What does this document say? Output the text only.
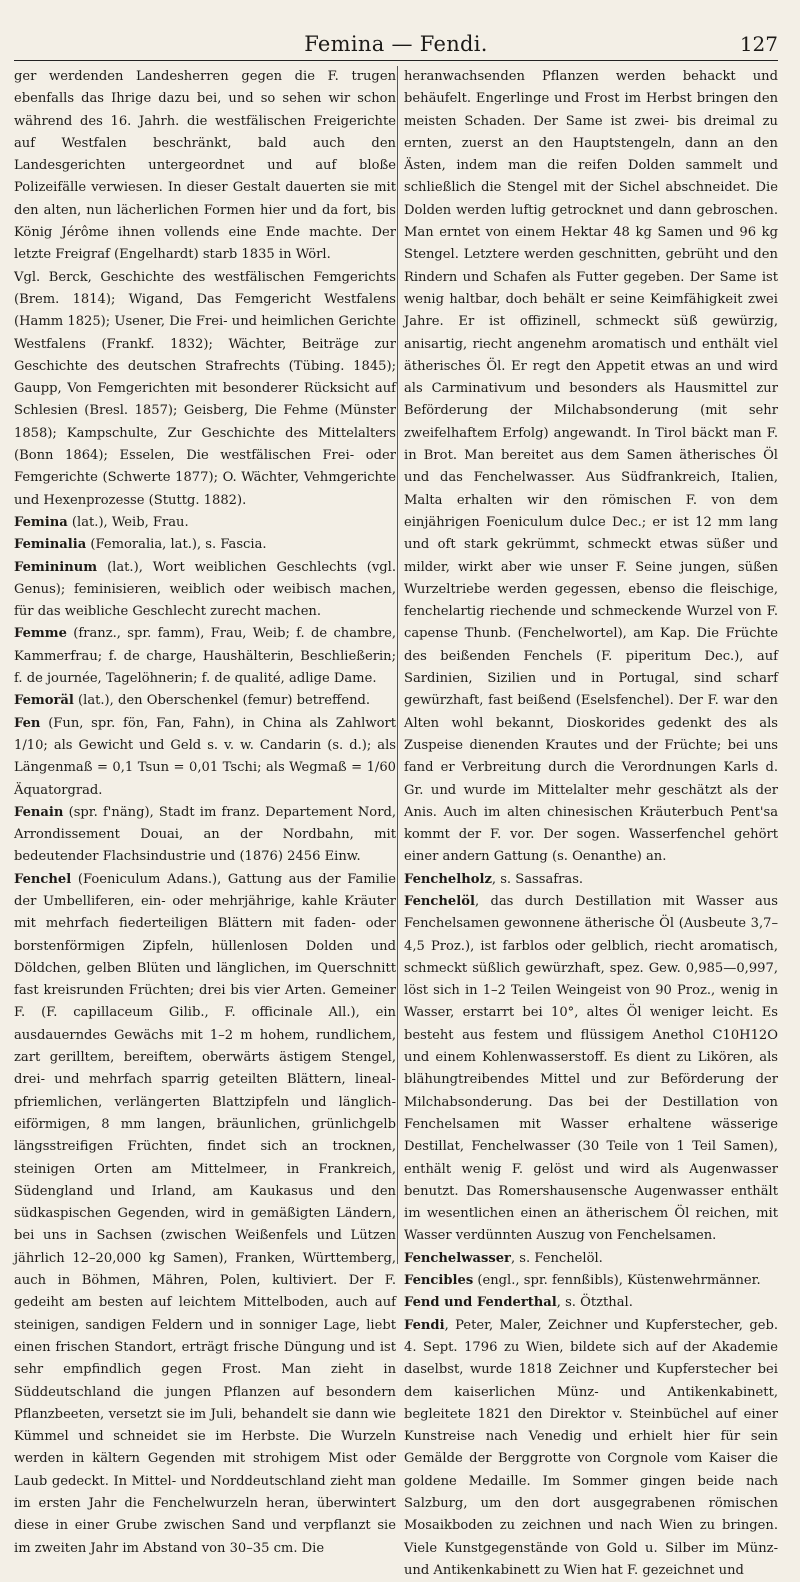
Femina — Fendi.	127

ger werdenden Landesherren gegen die F. trugen ebenfalls das Ihrige dazu bei, und so sehen wir schon während des 16. Jahrh. die westfälischen Freigerichte auf Westfalen beschränkt, bald auch den Landesgerichten untergeordnet und auf bloße Polizeifälle verwiesen. In dieser Gestalt dauerten sie mit den alten, nun lächerlichen Formen hier und da fort, bis König Jérôme ihnen vollends eine Ende machte. Der letzte Freigraf (Engelhardt) starb 1835 in Wörl.

Vgl. Berck, Geschichte des westfälischen Femgerichts (Brem. 1814); Wigand, Das Femgericht Westfalens (Hamm 1825); Usener, Die Frei- und heimlichen Gerichte Westfalens (Frankf. 1832); Wächter, Beiträge zur Geschichte des deutschen Strafrechts (Tübing. 1845); Gaupp, Von Femgerichten mit besonderer Rücksicht auf Schlesien (Bresl. 1857); Geisberg, Die Fehme (Münster 1858); Kampschulte, Zur Geschichte des Mittelalters (Bonn 1864); Esselen, Die westfälischen Frei- oder Femgerichte (Schwerte 1877); O. Wächter, Vehmgerichte und Hexenprozesse (Stuttg. 1882).

Femina (lat.), Weib, Frau.

Feminalia (Femoralia, lat.), s. Fascia.

Femininum (lat.), Wort weiblichen Geschlechts (vgl. Genus); feminisieren, weiblich oder weibisch machen, für das weibliche Geschlecht zurecht machen.

Femme (franz., spr. famm), Frau, Weib; f. de chambre, Kammerfrau; f. de charge, Haushälterin, Beschließerin; f. de journée, Tagelöhnerin; f. de qualité, adlige Dame.

Femoräl (lat.), den Oberschenkel (femur) betreffend.

Fen (Fun, spr. fön, Fan, Fahn), in China als Zahlwort 1/10; als Gewicht und Geld s. v. w. Candarin (s. d.); als Längenmaß = 0,1 Tsun = 0,01 Tschi; als Wegmaß = 1/60 Äquatorgrad.

Fenain (spr. f'näng), Stadt im franz. Departement Nord, Arrondissement Douai, an der Nordbahn, mit bedeutender Flachsindustrie und (1876) 2456 Einw.

Fenchel (Foeniculum Adans.), Gattung aus der Familie der Umbelliferen, ein- oder mehrjährige, kahle Kräuter mit mehrfach fiederteiligen Blättern mit faden- oder borstenförmigen Zipfeln, hüllenlosen Dolden und Döldchen, gelben Blüten und länglichen, im Querschnitt fast kreisrunden Früchten; drei bis vier Arten. Gemeiner F. (F. capillaceum Gilib., F. officinale All.), ein ausdauerndes Gewächs mit 1–2 m hohem, rundlichem, zart gerilltem, bereiftem, oberwärts ästigem Stengel, drei- und mehrfach sparrig geteilten Blättern, lineal-pfriemlichen, verlängerten Blattzipfeln und länglich-eiförmigen, 8 mm langen, bräunlichen, grünlichgelb längsstreifigen Früchten, findet sich an trocknen, steinigen Orten am Mittelmeer, in Frankreich, Südengland und Irland, am Kaukasus und den südkaspischen Gegenden, wird in gemäßigten Ländern, bei uns in Sachsen (zwischen Weißenfels und Lützen jährlich 12–20,000 kg Samen), Franken, Württemberg, auch in Böhmen, Mähren, Polen, kultiviert. Der F. gedeiht am besten auf leichtem Mittelboden, auch auf steinigen, sandigen Feldern und in sonniger Lage, liebt einen frischen Standort, erträgt frische Düngung und ist sehr empfindlich gegen Frost. Man zieht in Süddeutschland die jungen Pflanzen auf besondern Pflanzbeeten, versetzt sie im Juli, behandelt sie dann wie Kümmel und schneidet sie im Herbste. Die Wurzeln werden in kältern Gegenden mit strohigem Mist oder Laub gedeckt. In Mittel- und Norddeutschland zieht man im ersten Jahr die Fenchelwurzeln heran, überwintert diese in einer Grube zwischen Sand und verpflanzt sie im zweiten Jahr im Abstand von 30–35 cm. Die

heranwachsenden Pflanzen werden behackt und behäufelt. Engerlinge und Frost im Herbst bringen den meisten Schaden. Der Same ist zwei- bis dreimal zu ernten, zuerst an den Hauptstengeln, dann an den Ästen, indem man die reifen Dolden sammelt und schließlich die Stengel mit der Sichel abschneidet. Die Dolden werden luftig getrocknet und dann gebroschen. Man erntet von einem Hektar 48 kg Samen und 96 kg Stengel. Letztere werden geschnitten, gebrüht und den Rindern und Schafen als Futter gegeben. Der Same ist wenig haltbar, doch behält er seine Keimfähigkeit zwei Jahre. Er ist offizinell, schmeckt süß gewürzig, anisartig, riecht angenehm aromatisch und enthält viel ätherisches Öl. Er regt den Appetit etwas an und wird als Carminativum und besonders als Hausmittel zur Beförderung der Milchabsonderung (mit sehr zweifelhaftem Erfolg) angewandt. In Tirol bäckt man F. in Brot. Man bereitet aus dem Samen ätherisches Öl und das Fenchelwasser. Aus Südfrankreich, Italien, Malta erhalten wir den römischen F. von dem einjährigen Foeniculum dulce Dec.; er ist 12 mm lang und oft stark gekrümmt, schmeckt etwas süßer und milder, wirkt aber wie unser F. Seine jungen, süßen Wurzeltriebe werden gegessen, ebenso die fleischige, fenchelartig riechende und schmeckende Wurzel von F. capense Thunb. (Fenchelwortel), am Kap. Die Früchte des beißenden Fenchels (F. piperitum Dec.), auf Sardinien, Sizilien und in Portugal, sind scharf gewürzhaft, fast beißend (Eselsfenchel). Der F. war den Alten wohl bekannt, Dioskorides gedenkt des als Zuspeise dienenden Krautes und der Früchte; bei uns fand er Verbreitung durch die Verordnungen Karls d. Gr. und wurde im Mittelalter mehr geschätzt als der Anis. Auch im alten chinesischen Kräuterbuch Pent'sa kommt der F. vor. Der sogen. Wasserfenchel gehört einer andern Gattung (s. Oenanthe) an.

Fenchelholz, s. Sassafras.

Fenchelöl, das durch Destillation mit Wasser aus Fenchelsamen gewonnene ätherische Öl (Ausbeute 3,7–4,5 Proz.), ist farblos oder gelblich, riecht aromatisch, schmeckt süßlich gewürzhaft, spez. Gew. 0,985—0,997, löst sich in 1–2 Teilen Weingeist von 90 Proz., wenig in Wasser, erstarrt bei 10°, altes Öl weniger leicht. Es besteht aus festem und flüssigem Anethol C10H12O und einem Kohlenwasserstoff. Es dient zu Likören, als blähungtreibendes Mittel und zur Beförderung der Milchabsonderung. Das bei der Destillation von Fenchelsamen mit Wasser erhaltene wässerige Destillat, Fenchelwasser (30 Teile von 1 Teil Samen), enthält wenig F. gelöst und wird als Augenwasser benutzt. Das Romershausensche Augenwasser enthält im wesentlichen einen an ätherischem Öl reichen, mit Wasser verdünnten Auszug von Fenchelsamen.

Fenchelwasser, s. Fenchelöl.

Fencibles (engl., spr. fennßibls), Küstenwehrmänner.

Fend und Fenderthal, s. Ötzthal.

Fendi, Peter, Maler, Zeichner und Kupferstecher, geb. 4. Sept. 1796 zu Wien, bildete sich auf der Akademie daselbst, wurde 1818 Zeichner und Kupferstecher bei dem kaiserlichen Münz- und Antikenkabinett, begleitete 1821 den Direktor v. Steinbüchel auf einer Kunstreise nach Venedig und erhielt hier für sein Gemälde der Berggrotte von Corgnole vom Kaiser die goldene Medaille. Im Sommer gingen beide nach Salzburg, um den dort ausgegrabenen römischen Mosaikboden zu zeichnen und nach Wien zu bringen. Viele Kunstgegenstände von Gold u. Silber im Münz- und Antikenkabinett zu Wien hat F. gezeichnet und
